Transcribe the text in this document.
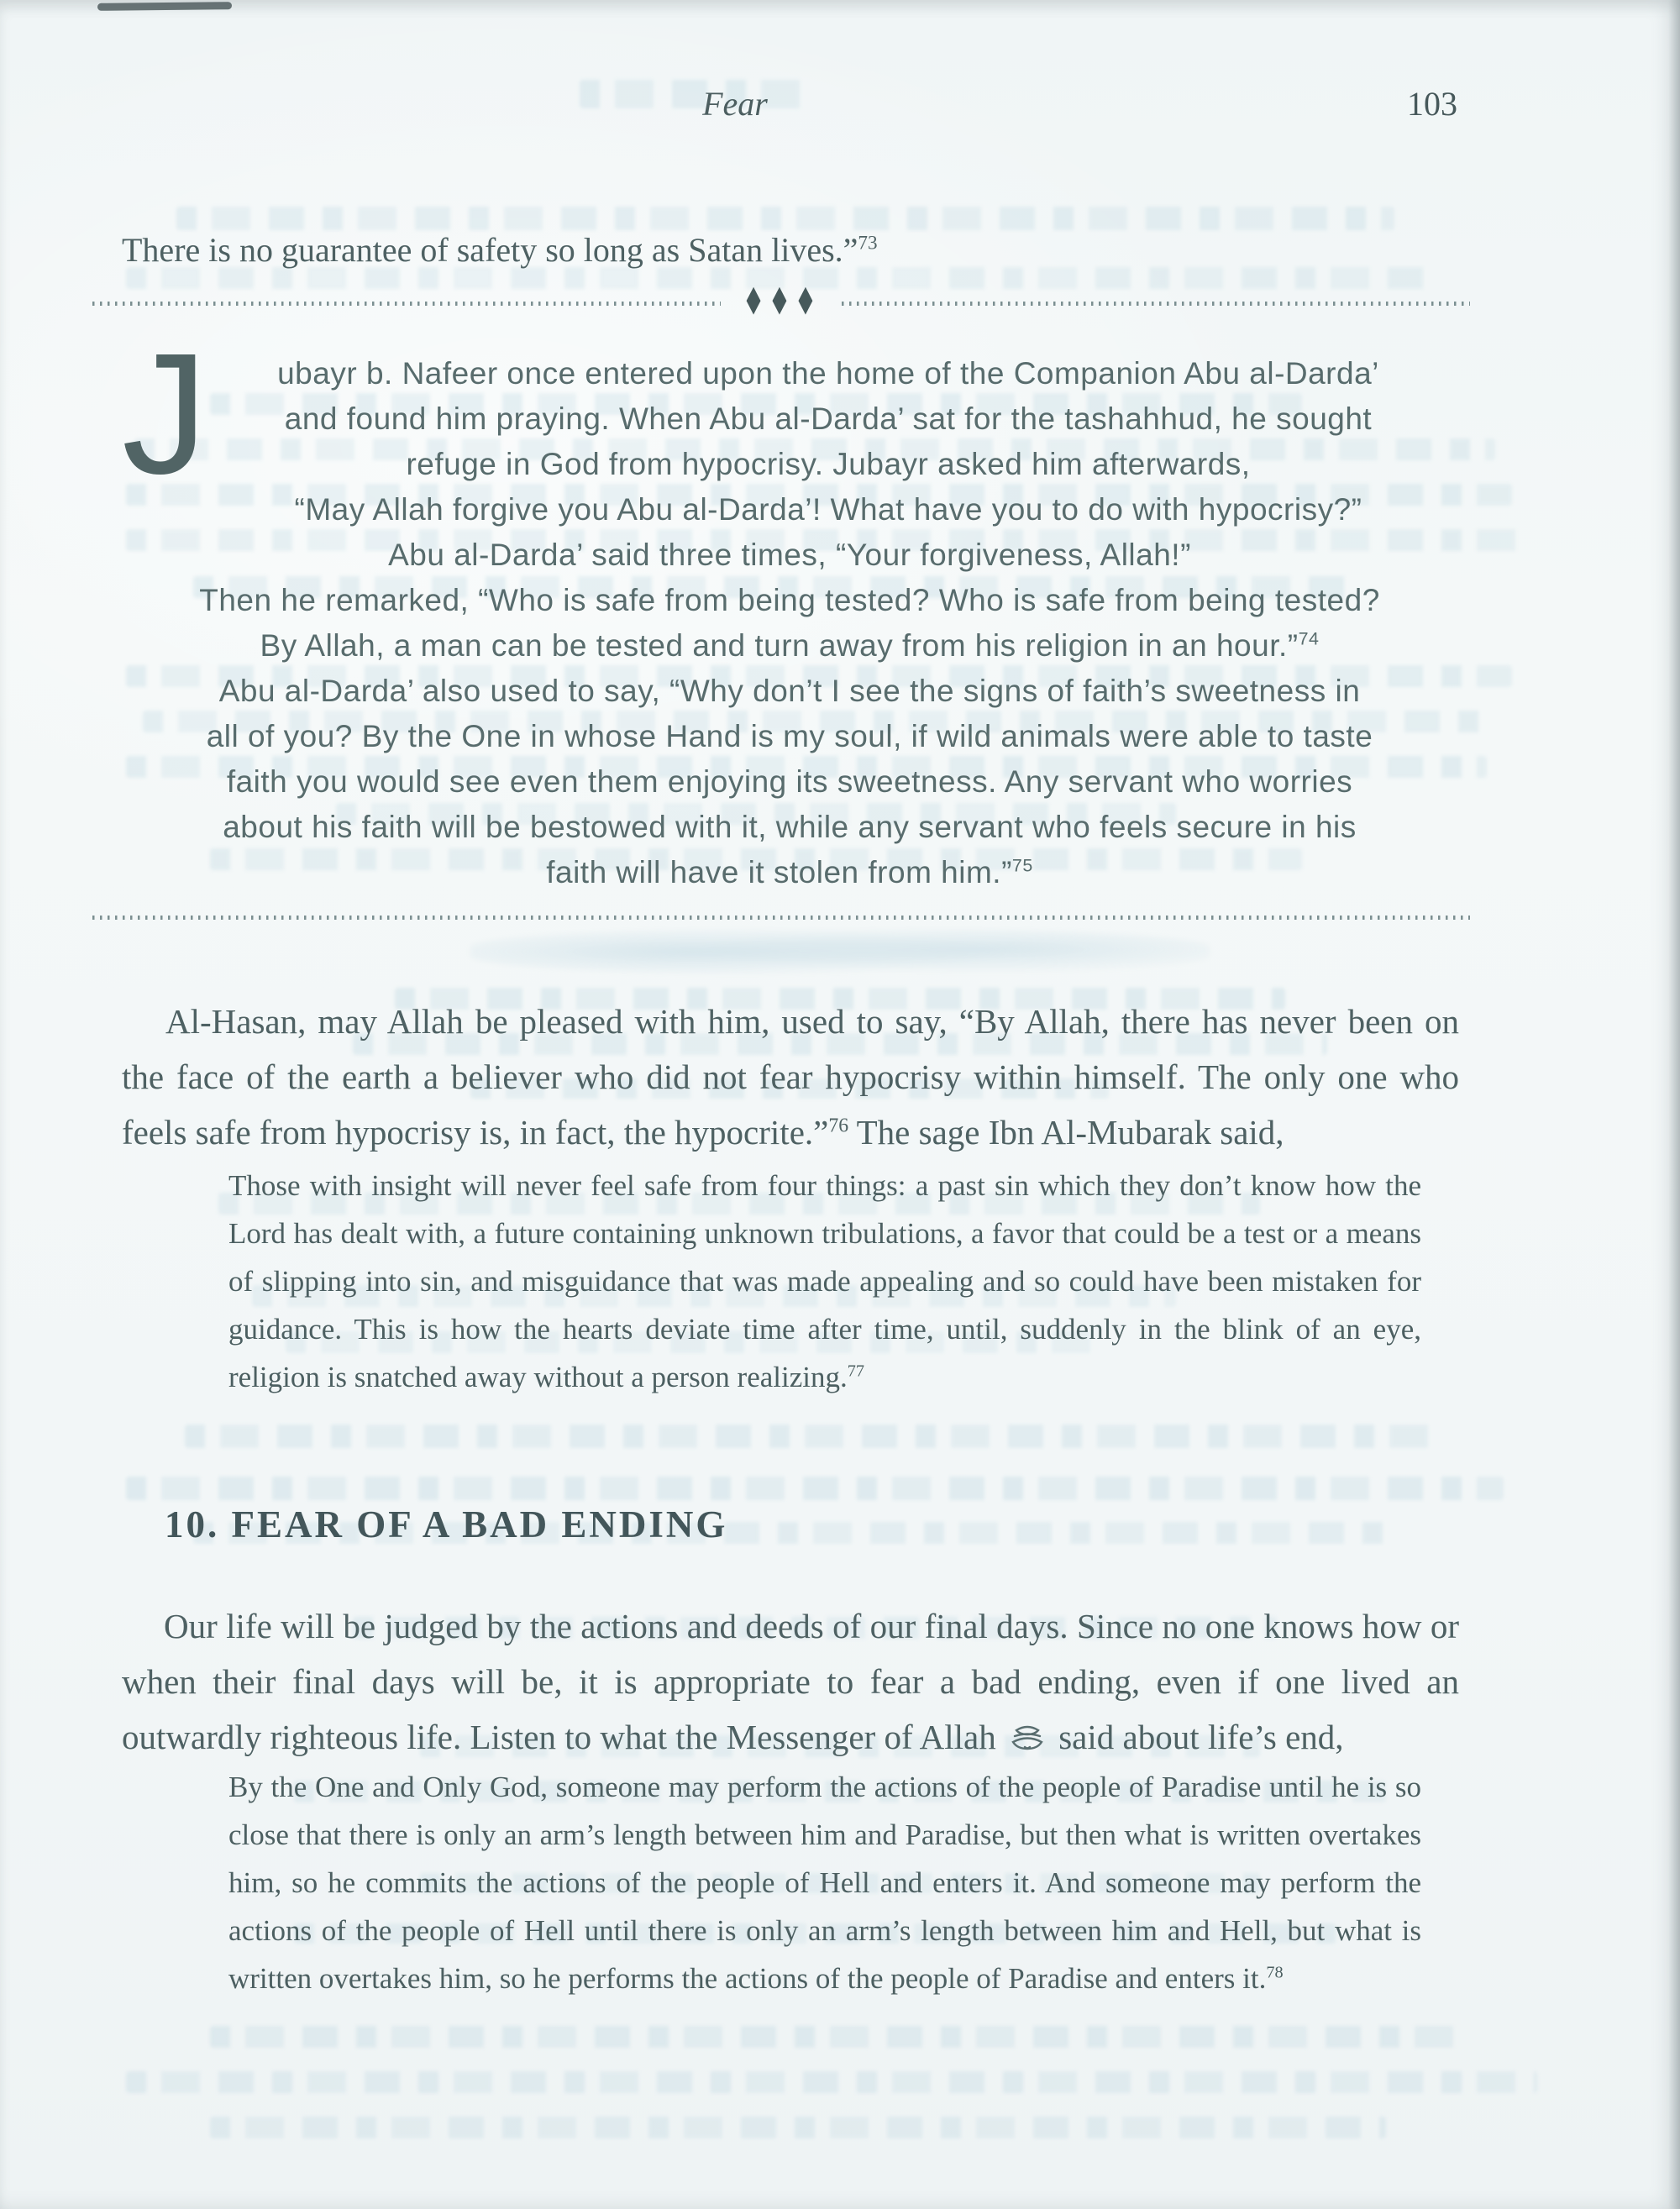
Fear	103
There is no guarantee of safety so long as Satan lives.”$^{73}$
♦♦♦
J	ubayr b. Nafeer once entered upon the home of the Companion Abu al-Darda’
and found him praying. When Abu al-Darda’ sat for the tashahhud, he sought
refuge in God from hypocrisy. Jubayr asked him afterwards,
“May Allah forgive you Abu al-Darda’! What have you to do with hypocrisy?”
Abu al-Darda’ said three times, “Your forgiveness, Allah!”
Then he remarked, “Who is safe from being tested? Who is safe from being tested?
By Allah, a man can be tested and turn away from his religion in an hour.”$^{74}$
Abu al-Darda’ also used to say, “Why don’t I see the signs of faith’s sweetness in
all of you? By the One in whose Hand is my soul, if wild animals were able to taste
faith you would see even them enjoying its sweetness. Any servant who worries
about his faith will be bestowed with it, while any servant who feels secure in his
faith will have it stolen from him.”$^{75}$

Al-Hasan, may Allah be pleased with him, used to say, “By Allah, there has never been on the face of the earth a believer who did not fear hypocrisy within himself. The only one who feels safe from hypocrisy is, in fact, the hypocrite.”$^{76}$ The sage Ibn Al-Mubarak said,

Those with insight will never feel safe from four things: a past sin which they don’t know how the Lord has dealt with, a future containing unknown tribulations, a favor that could be a test or a means of slipping into sin, and misguidance that was made appealing and so could have been mistaken for guidance. This is how the hearts deviate time after time, until, suddenly in the blink of an eye, religion is snatched away without a person realizing.$^{77}$

10. FEAR OF A BAD ENDING

Our life will be judged by the actions and deeds of our final days. Since no one knows how or when their final days will be, it is appropriate to fear a bad ending, even if one lived an outwardly righteous life. Listen to what the Messenger of Allah  said about life’s end,

By the One and Only God, someone may perform the actions of the people of Paradise until he is so close that there is only an arm’s length between him and Paradise, but then what is written overtakes him, so he commits the actions of the people of Hell and enters it. And someone may perform the actions of the people of Hell until there is only an arm’s length between him and Hell, but what is written overtakes him, so he performs the actions of the people of Paradise and enters it.$^{78}$
